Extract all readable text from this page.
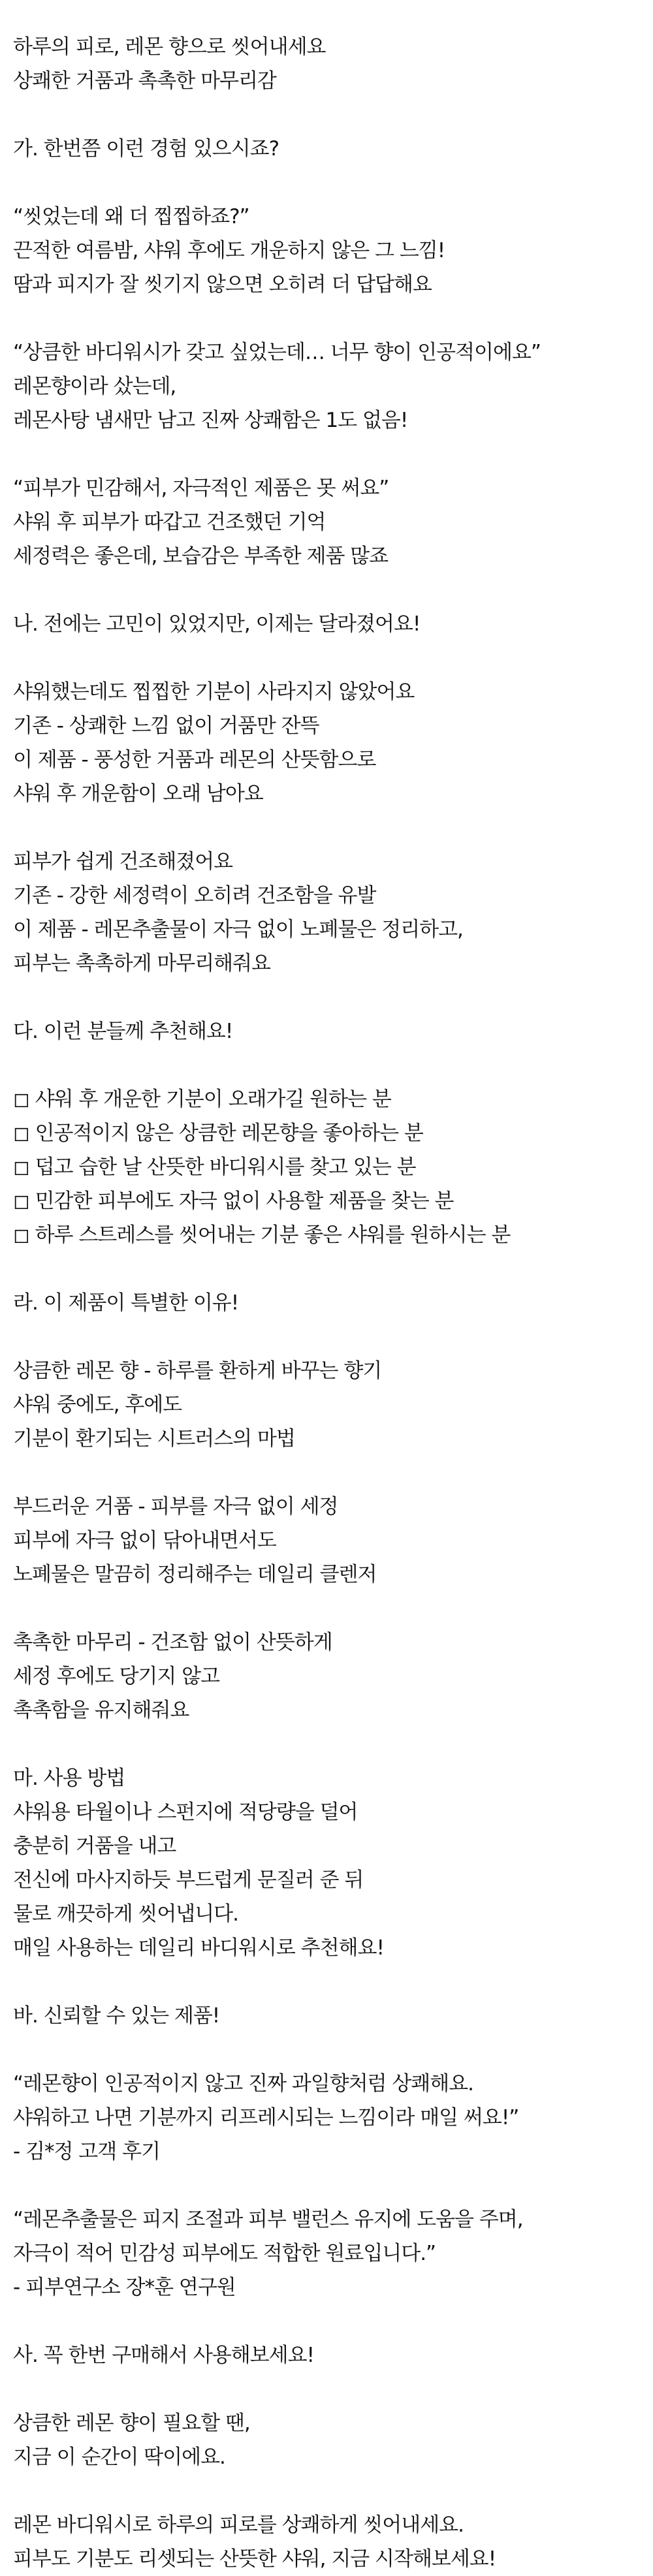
하루의 피로, 레몬 향으로 씻어내세요
상쾌한 거품과 촉촉한 마무리감
가. 한번쯤 이런 경험 있으시죠?
“씻었는데 왜 더 찝찝하죠?”
끈적한 여름밤, 샤워 후에도 개운하지 않은 그 느낌!
땀과 피지가 잘 씻기지 않으면 오히려 더 답답해요
“상큼한 바디워시가 갖고 싶었는데… 너무 향이 인공적이에요”
레몬향이라 샀는데,
레몬사탕 냄새만 남고 진짜 상쾌함은 1도 없음!
“피부가 민감해서, 자극적인 제품은 못 써요”
샤워 후 피부가 따갑고 건조했던 기억
세정력은 좋은데, 보습감은 부족한 제품 많죠
나. 전에는 고민이 있었지만, 이제는 달라졌어요!
샤워했는데도 찝찝한 기분이 사라지지 않았어요
기존 - 상쾌한 느낌 없이 거품만 잔뜩
이 제품 - 풍성한 거품과 레몬의 산뜻함으로
샤워 후 개운함이 오래 남아요
피부가 쉽게 건조해졌어요
기존 - 강한 세정력이 오히려 건조함을 유발
이 제품 - 레몬추출물이 자극 없이 노폐물은 정리하고,
피부는 촉촉하게 마무리해줘요
다. 이런 분들께 추천해요!
◻ 샤워 후 개운한 기분이 오래가길 원하는 분
◻ 인공적이지 않은 상큼한 레몬향을 좋아하는 분
◻ 덥고 습한 날 산뜻한 바디워시를 찾고 있는 분
◻ 민감한 피부에도 자극 없이 사용할 제품을 찾는 분
◻ 하루 스트레스를 씻어내는 기분 좋은 샤워를 원하시는 분
라. 이 제품이 특별한 이유!
상큼한 레몬 향 - 하루를 환하게 바꾸는 향기
샤워 중에도, 후에도
기분이 환기되는 시트러스의 마법
부드러운 거품 - 피부를 자극 없이 세정
피부에 자극 없이 닦아내면서도
노폐물은 말끔히 정리해주는 데일리 클렌저
촉촉한 마무리 - 건조함 없이 산뜻하게
세정 후에도 당기지 않고
촉촉함을 유지해줘요
마. 사용 방법
샤워용 타월이나 스펀지에 적당량을 덜어
충분히 거품을 내고
전신에 마사지하듯 부드럽게 문질러 준 뒤
물로 깨끗하게 씻어냅니다.
매일 사용하는 데일리 바디워시로 추천해요!
바. 신뢰할 수 있는 제품!
“레몬향이 인공적이지 않고 진짜 과일향처럼 상쾌해요.
샤워하고 나면 기분까지 리프레시되는 느낌이라 매일 써요!”
- 김*정 고객 후기
“레몬추출물은 피지 조절과 피부 밸런스 유지에 도움을 주며,
자극이 적어 민감성 피부에도 적합한 원료입니다.”
- 피부연구소 장*훈 연구원
사. 꼭 한번 구매해서 사용해보세요!
상큼한 레몬 향이 필요할 땐,
지금 이 순간이 딱이에요.
레몬 바디워시로 하루의 피로를 상쾌하게 씻어내세요.
피부도 기분도 리셋되는 산뜻한 샤워, 지금 시작해보세요!
